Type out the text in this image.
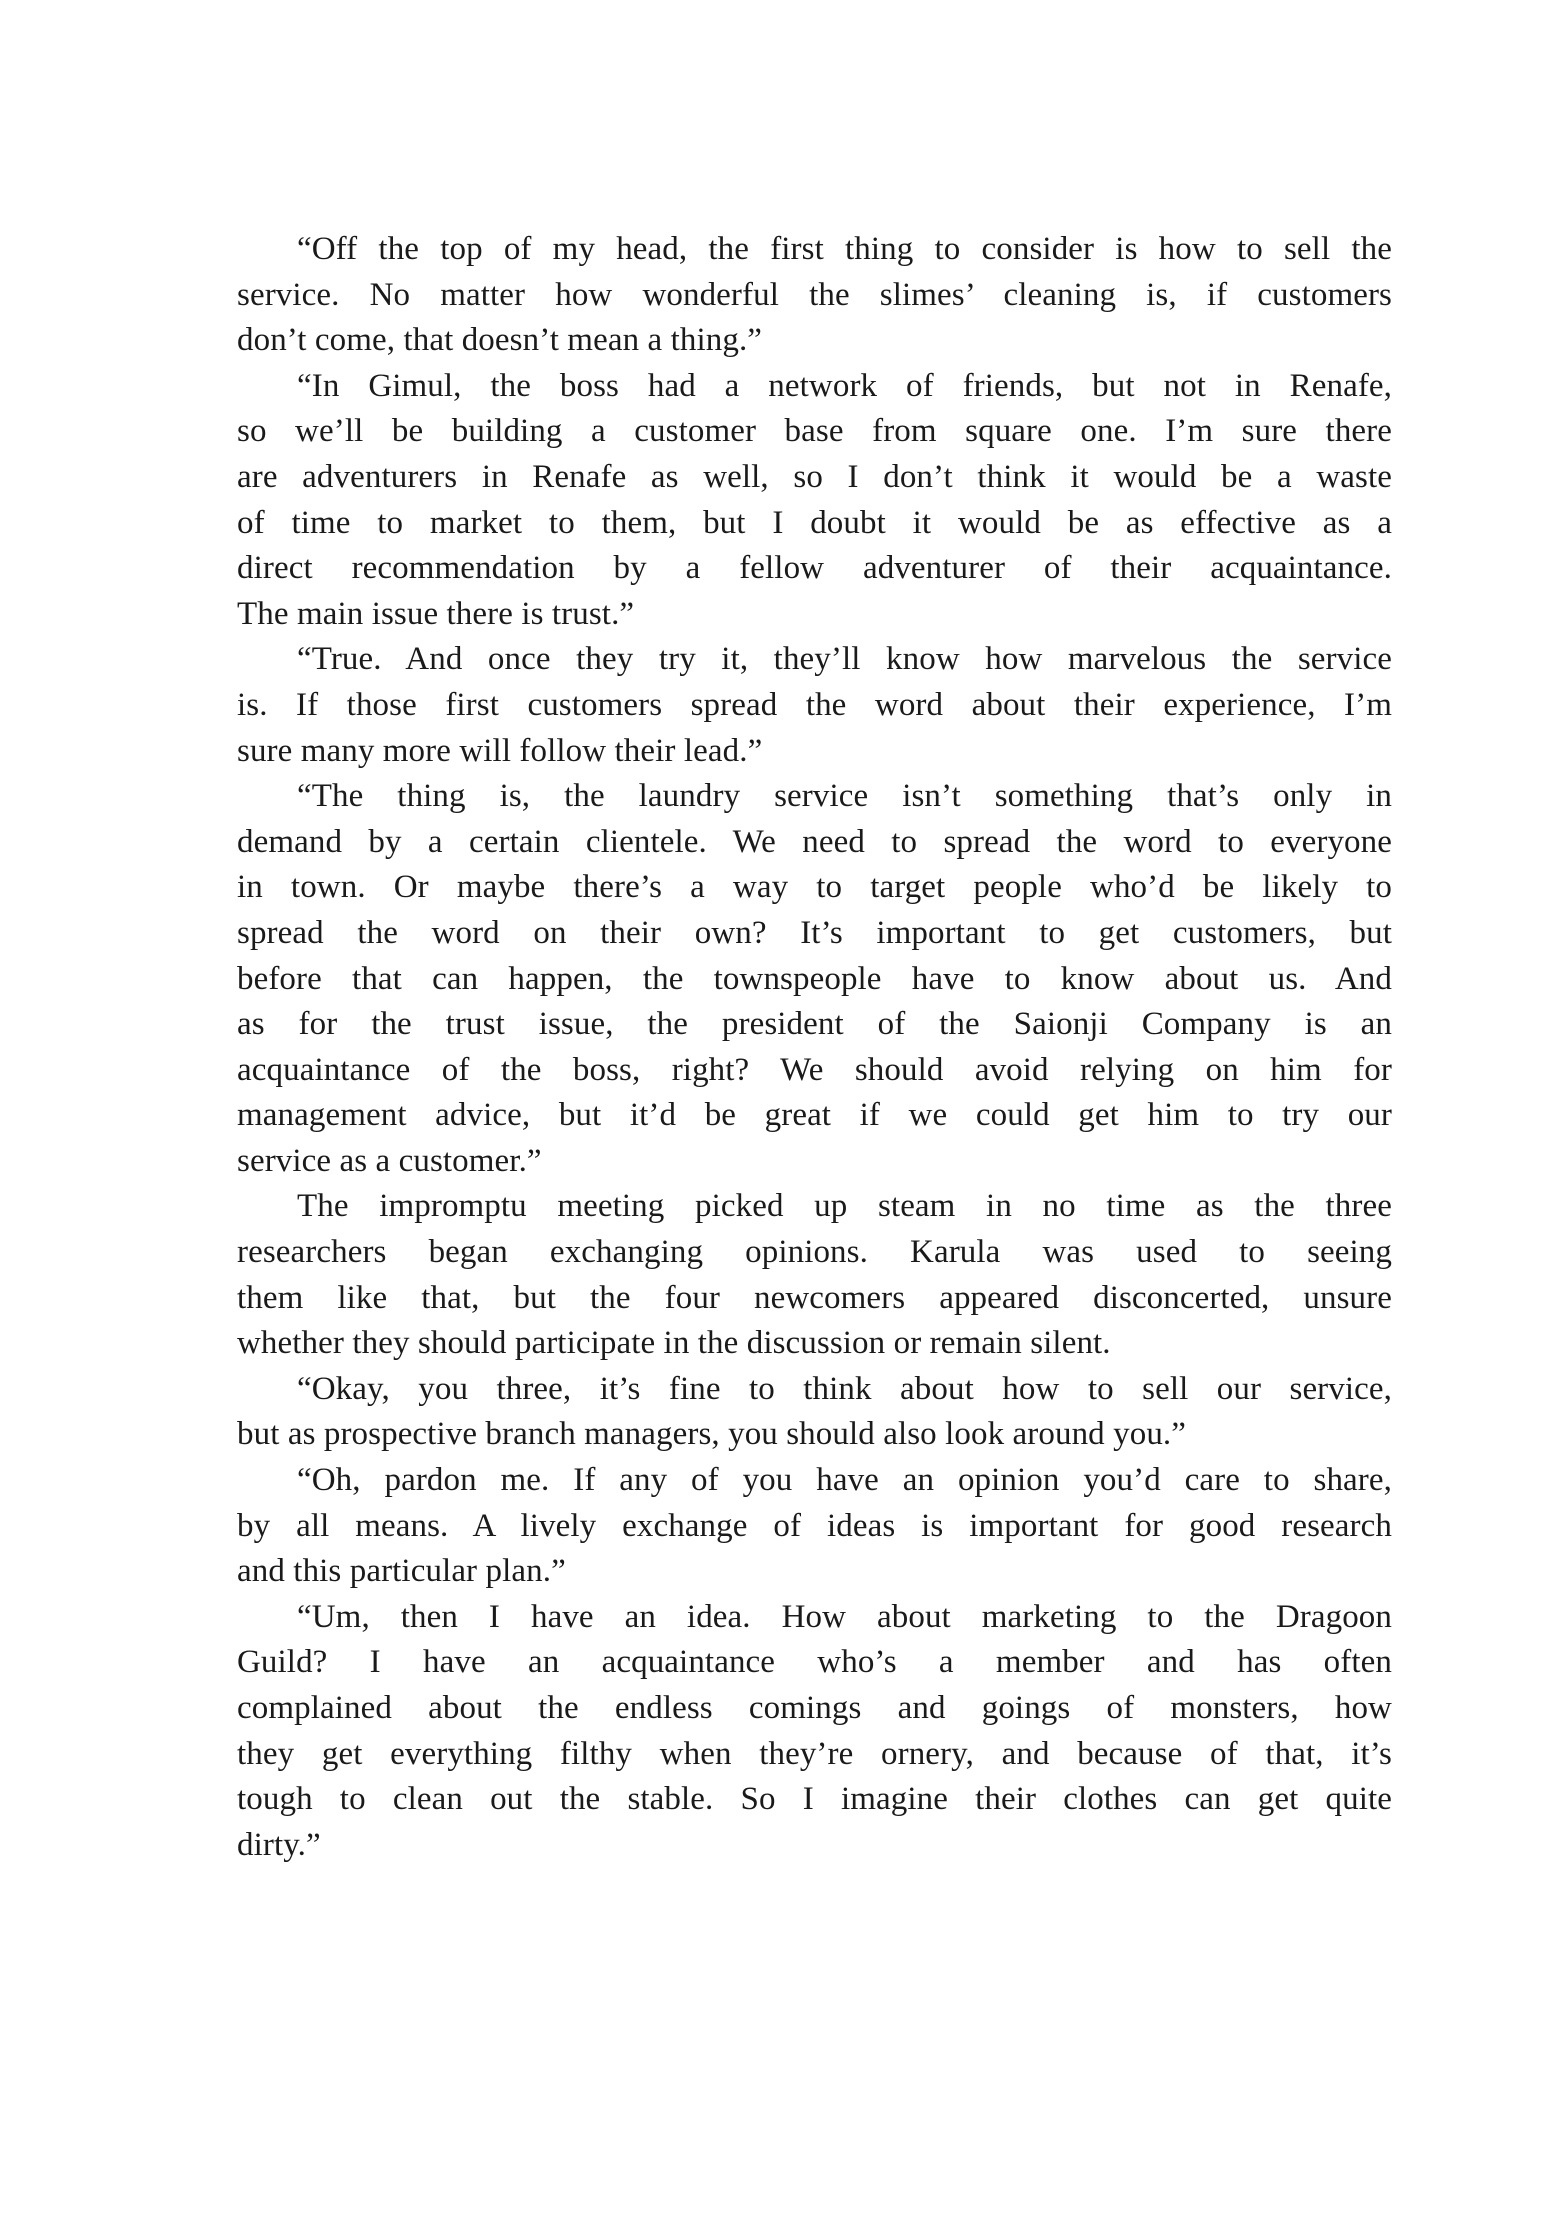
“Off the top of my head, the first thing to consider is how to sell the
service. No matter how wonderful the slimes’ cleaning is, if customers
don’t come, that doesn’t mean a thing.”
“In Gimul, the boss had a network of friends, but not in Renafe,
so we’ll be building a customer base from square one. I’m sure there
are adventurers in Renafe as well, so I don’t think it would be a waste
of time to market to them, but I doubt it would be as effective as a
direct recommendation by a fellow adventurer of their acquaintance.
The main issue there is trust.”
“True. And once they try it, they’ll know how marvelous the service
is. If those first customers spread the word about their experience, I’m
sure many more will follow their lead.”
“The thing is, the laundry service isn’t something that’s only in
demand by a certain clientele. We need to spread the word to everyone
in town. Or maybe there’s a way to target people who’d be likely to
spread the word on their own? It’s important to get customers, but
before that can happen, the townspeople have to know about us. And
as for the trust issue, the president of the Saionji Company is an
acquaintance of the boss, right? We should avoid relying on him for
management advice, but it’d be great if we could get him to try our
service as a customer.”
The impromptu meeting picked up steam in no time as the three
researchers began exchanging opinions. Karula was used to seeing
them like that, but the four newcomers appeared disconcerted, unsure
whether they should participate in the discussion or remain silent.
“Okay, you three, it’s fine to think about how to sell our service,
but as prospective branch managers, you should also look around you.”
“Oh, pardon me. If any of you have an opinion you’d care to share,
by all means. A lively exchange of ideas is important for good research
and this particular plan.”
“Um, then I have an idea. How about marketing to the Dragoon
Guild? I have an acquaintance who’s a member and has often
complained about the endless comings and goings of monsters, how
they get everything filthy when they’re ornery, and because of that, it’s
tough to clean out the stable. So I imagine their clothes can get quite
dirty.”
